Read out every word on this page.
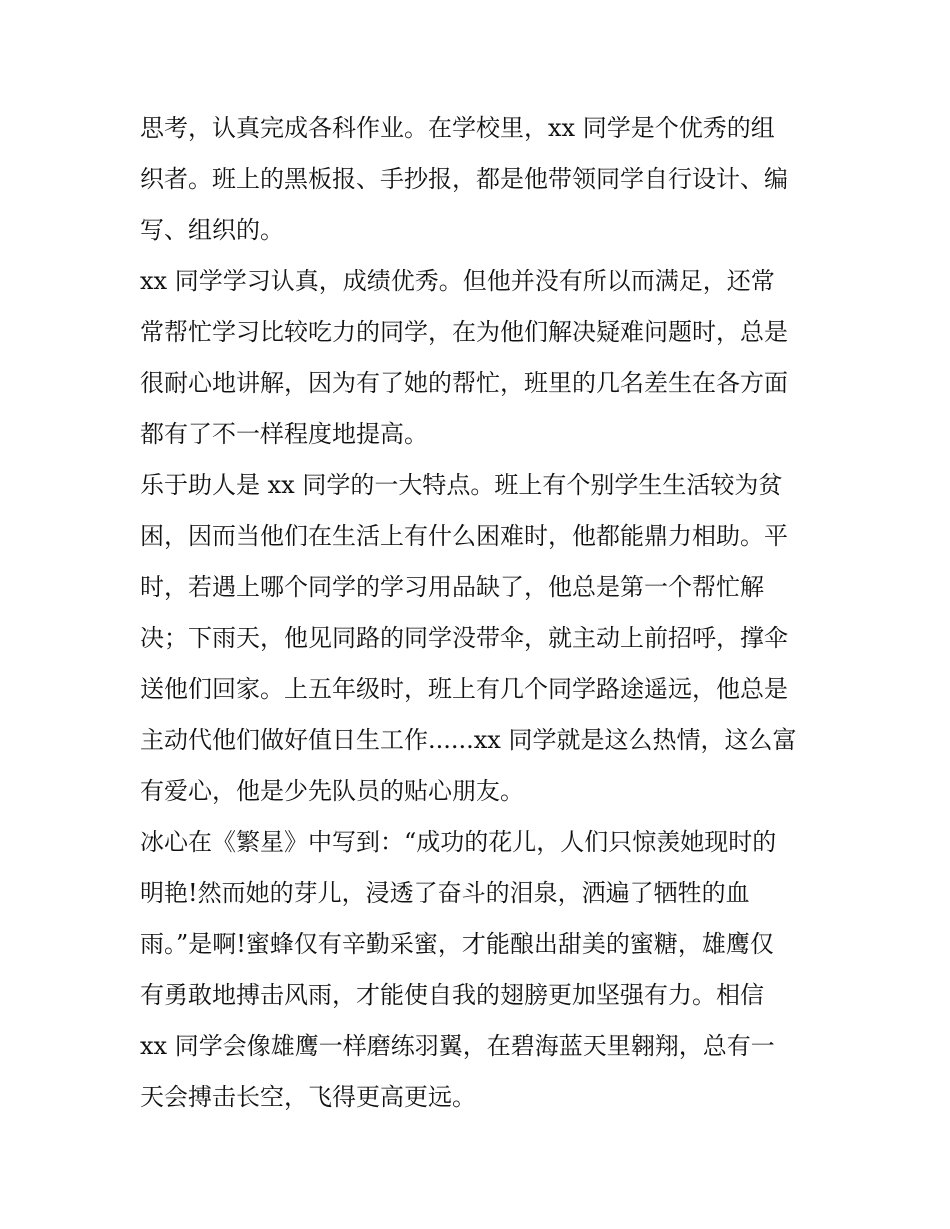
思考，认真完成各科作业。在学校里，xx 同学是个优秀的组
织者。班上的黑板报、手抄报，都是他带领同学自行设计、编
写、组织的。
xx 同学学习认真，成绩优秀。但他并没有所以而满足，还常
常帮忙学习比较吃力的同学，在为他们解决疑难问题时，总是
很耐心地讲解，因为有了她的帮忙，班里的几名差生在各方面
都有了不一样程度地提高。
乐于助人是 xx 同学的一大特点。班上有个别学生生活较为贫
困，因而当他们在生活上有什么困难时，他都能鼎力相助。平
时，若遇上哪个同学的学习用品缺了，他总是第一个帮忙解
决；下雨天，他见同路的同学没带伞，就主动上前招呼，撑伞
送他们回家。上五年级时，班上有几个同学路途遥远，他总是
主动代他们做好值日生工作......xx 同学就是这么热情，这么富
有爱心，他是少先队员的贴心朋友。
冰心在《繁星》中写到：“成功的花儿，人们只惊羡她现时的
明艳!然而她的芽儿，浸透了奋斗的泪泉，洒遍了牺牲的血
雨。”是啊!蜜蜂仅有辛勤采蜜，才能酿出甜美的蜜糖，雄鹰仅
有勇敢地搏击风雨，才能使自我的翅膀更加坚强有力。相信
xx 同学会像雄鹰一样磨练羽翼，在碧海蓝天里翱翔，总有一
天会搏击长空，飞得更高更远。
